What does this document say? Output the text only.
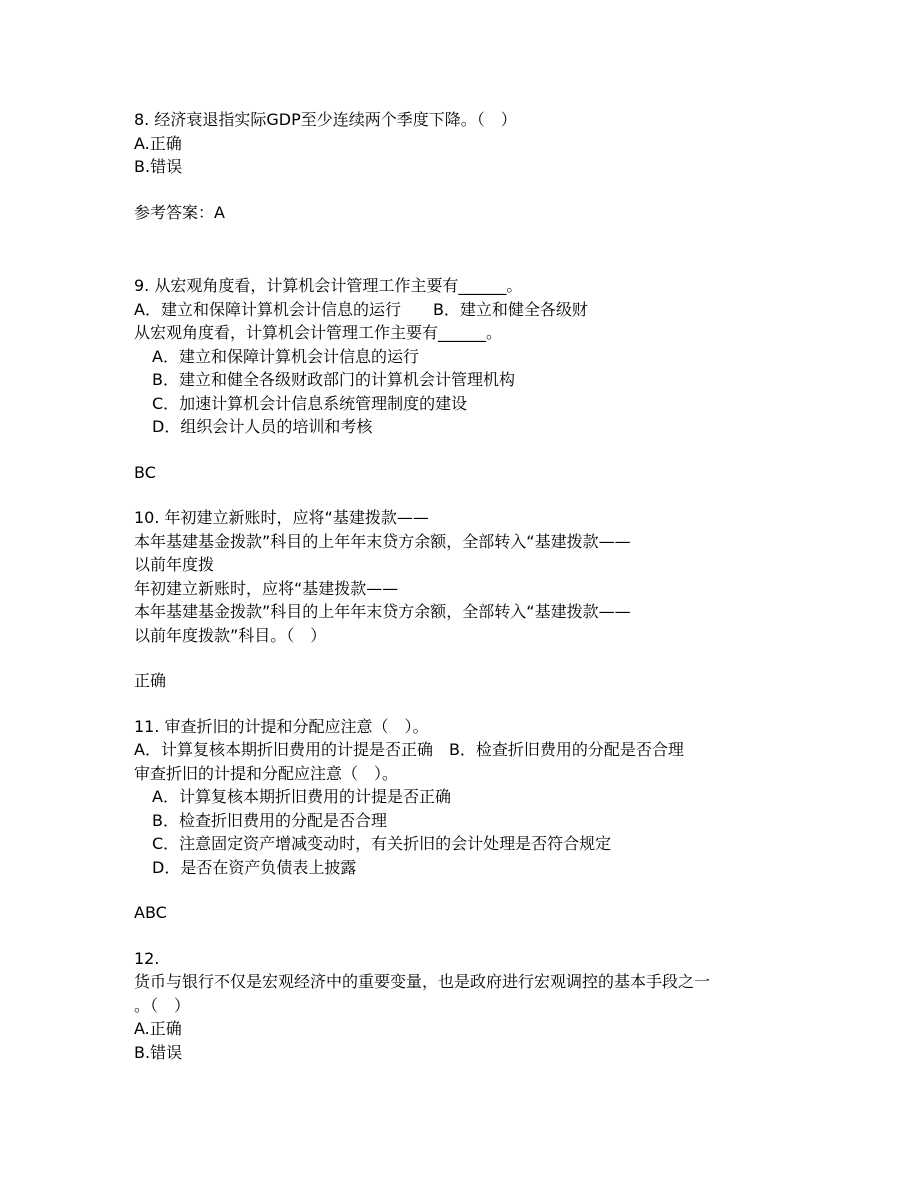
8. 经济衰退指实际GDP至少连续两个季度下降。（　）
A.正确
B.错误
参考答案：A
9. 从宏观角度看，计算机会计管理工作主要有______。
A．建立和保障计算机会计信息的运行　　B．建立和健全各级财
从宏观角度看，计算机会计管理工作主要有______。
A．建立和保障计算机会计信息的运行
B．建立和健全各级财政部门的计算机会计管理机构
C．加速计算机会计信息系统管理制度的建设
D．组织会计人员的培训和考核
BC
10. 年初建立新账时，应将“基建拨款——
本年基建基金拨款”科目的上年年末贷方余额，全部转入“基建拨款——
以前年度拨
年初建立新账时，应将“基建拨款——
本年基建基金拨款”科目的上年年末贷方余额，全部转入“基建拨款——
以前年度拨款”科目。（　）
正确
11. 审查折旧的计提和分配应注意（　）。
A．计算复核本期折旧费用的计提是否正确　B．检查折旧费用的分配是否合理
审查折旧的计提和分配应注意（　）。
A．计算复核本期折旧费用的计提是否正确
B．检查折旧费用的分配是否合理
C．注意固定资产增减变动时，有关折旧的会计处理是否符合规定
D．是否在资产负债表上披露
ABC
12.
货币与银行不仅是宏观经济中的重要变量，也是政府进行宏观调控的基本手段之一
。（　）
A.正确
B.错误
